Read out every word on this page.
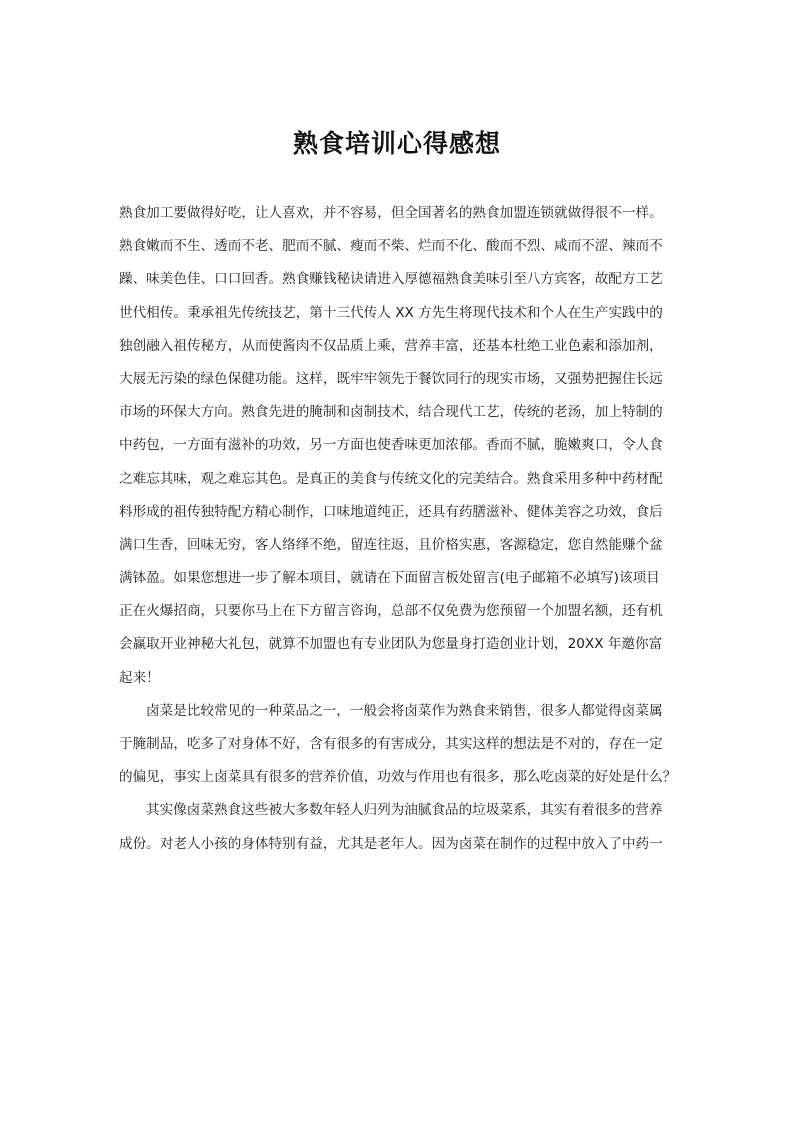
熟食培训心得感想
熟食加工要做得好吃，让人喜欢，并不容易，但全国著名的熟食加盟连锁就做得很不一样。
熟食嫩而不生、透而不老、肥而不腻、瘦而不柴、烂而不化、酸而不烈、咸而不涩、辣而不
躁、味美色佳、口口回香。熟食赚钱秘诀请进入厚德福熟食美味引至八方宾客，故配方工艺
世代相传。秉承祖先传统技艺，第十三代传人 XX 方先生将现代技术和个人在生产实践中的
独创融入祖传秘方，从而使酱肉不仅品质上乘，营养丰富，还基本杜绝工业色素和添加剂，
大展无污染的绿色保健功能。这样，既牢牢领先于餐饮同行的现实市场，又强势把握住长远
市场的环保大方向。熟食先进的腌制和卤制技术，结合现代工艺，传统的老汤，加上特制的
中药包，一方面有滋补的功效，另一方面也使香味更加浓郁。香而不腻，脆嫩爽口，令人食
之难忘其味，观之难忘其色。是真正的美食与传统文化的完美结合。熟食采用多种中药材配
料形成的祖传独特配方精心制作，口味地道纯正，还具有药膳滋补、健体美容之功效，食后
满口生香，回味无穷，客人络绎不绝，留连往返，且价格实惠，客源稳定，您自然能赚个盆
满钵盈。如果您想进一步了解本项目，就请在下面留言板处留言(电子邮箱不必填写)该项目
正在火爆招商，只要你马上在下方留言咨询，总部不仅免费为您预留一个加盟名额，还有机
会赢取开业神秘大礼包，就算不加盟也有专业团队为您量身打造创业计划，20XX 年邀你富
起来！
卤菜是比较常见的一种菜品之一，一般会将卤菜作为熟食来销售，很多人都觉得卤菜属
于腌制品，吃多了对身体不好，含有很多的有害成分，其实这样的想法是不对的，存在一定
的偏见，事实上卤菜具有很多的营养价值，功效与作用也有很多，那么吃卤菜的好处是什么？
其实像卤菜熟食这些被大多数年轻人归列为油腻食品的垃圾菜系，其实有着很多的营养
成份。对老人小孩的身体特别有益，尤其是老年人。因为卤菜在制作的过程中放入了中药一
